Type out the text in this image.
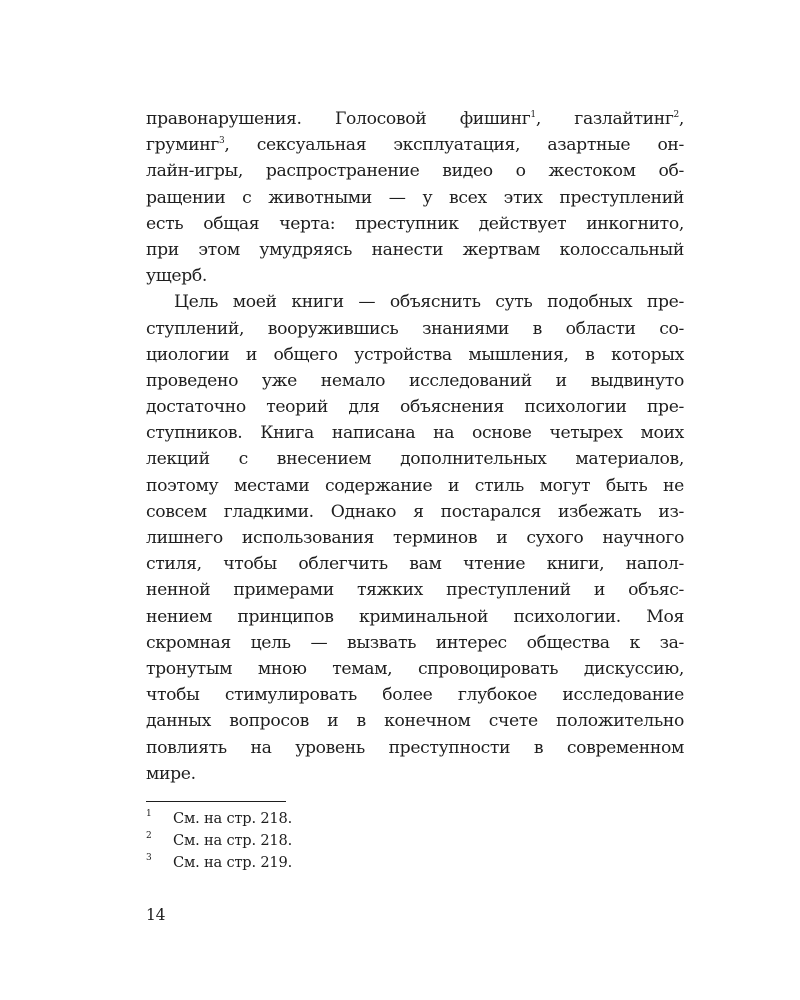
правонарушения. Голосовой фишинг$^1$, газлайтинг$^2$,
груминг$^3$, сексуальная эксплуатация, азартные он-
лайн-игры, распространение видео о жестоком об-
ращении с животными — у всех этих преступлений
есть общая черта: преступник действует инкогнито,
при этом умудряясь нанести жертвам колоссальный
ущерб.
Цель моей книги — объяснить суть подобных пре-
ступлений, вооружившись знаниями в области со-
циологии и общего устройства мышления, в которых
проведено уже немало исследований и выдвинуто
достаточно теорий для объяснения психологии пре-
ступников. Книга написана на основе четырех моих
лекций с внесением дополнительных материалов,
поэтому местами содержание и стиль могут быть не
совсем гладкими. Однако я постарался избежать из-
лишнего использования терминов и сухого научного
стиля, чтобы облегчить вам чтение книги, напол-
ненной примерами тяжких преступлений и объяс-
нением принципов криминальной психологии. Моя
скромная цель — вызвать интерес общества к за-
тронутым мною темам, спровоцировать дискуссию,
чтобы стимулировать более глубокое исследование
данных вопросов и в конечном счете положительно
повлиять на уровень преступности в современном
мире.
1 См. на стр. 218.
2 См. на стр. 218.
3 См. на стр. 219.
14
